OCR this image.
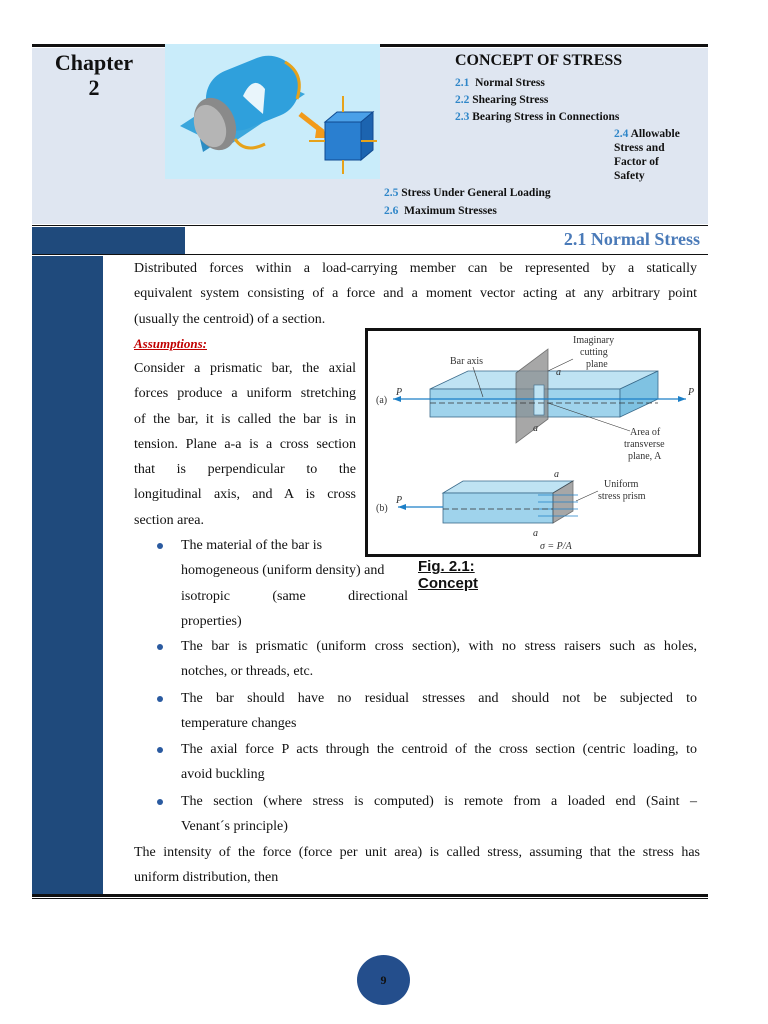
Chapter
2
CONCEPT OF STRESS
2.1 Normal Stress
2.2 Shearing Stress
2.3 Bearing Stress in Connections
2.4 Allowable
Stress and
Factor of
Safety
2.5 Stress Under General Loading
2.6 Maximum Stresses
2.1 Normal Stress
Distributed forces within a load-carrying member can be represented by a statically
equivalent system consisting of a force and a moment vector acting at any arbitrary point
(usually the centroid) of a section.
Assumptions:
Consider a prismatic bar, the axial
forces produce a uniform stretching
of the bar, it is called the bar is in
tension. Plane a-a is a cross section
that is perpendicular to the
longitudinal axis, and A is cross
section area.
The material of the bar is
homogeneous (uniform density) and
isotropic (same directional
properties)
(a)
P	P
Bar axis
Imaginary
cutting
plane
a
a	Area of
transverse
plane, A
(b)
P
a
a
Uniform
stress prism
σ = P/A
Fig. 2.1:
Concept
The bar is prismatic (uniform cross section), with no stress raisers such as holes,
notches, or threads, etc.
The bar should have no residual stresses and should not be subjected to
temperature changes
The axial force P acts through the centroid of the cross section (centric loading, to
avoid buckling
The section (where stress is computed) is remote from a loaded end (Saint –
Venant´s principle)
The intensity of the force (force per unit area) is called stress, assuming that the stress has
uniform distribution, then
9
